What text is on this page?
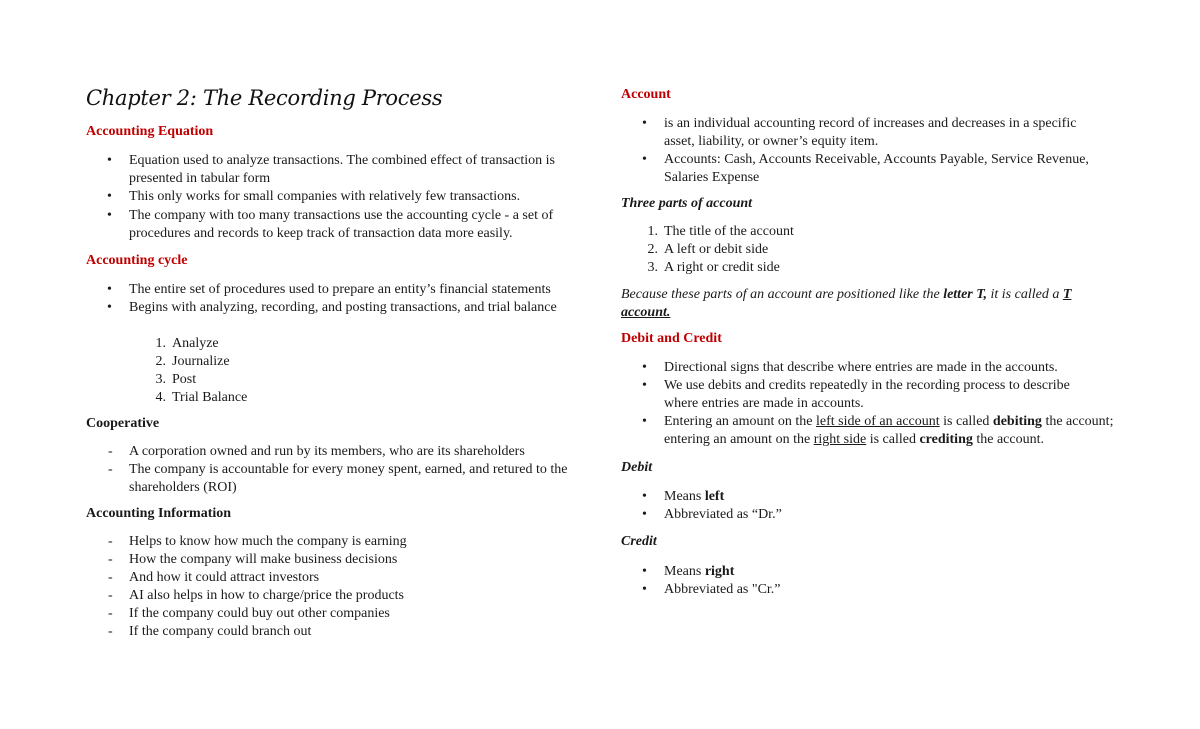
Chapter 2: The Recording Process
Accounting Equation
• Equation used to analyze transactions. The combined effect of transaction is presented in tabular form
• This only works for small companies with relatively few transactions.
• The company with too many transactions use the accounting cycle - a set of procedures and records to keep track of transaction data more easily.
Accounting cycle
• The entire set of procedures used to prepare an entity’s financial statements
• Begins with analyzing, recording, and posting transactions, and trial balance
1. Analyze
2. Journalize
3. Post
4. Trial Balance
Cooperative
- A corporation owned and run by its members, who are its shareholders
- The company is accountable for every money spent, earned, and retured to the shareholders (ROI)
Accounting Information
- Helps to know how much the company is earning
- How the company will make business decisions
- And how it could attract investors
- AI also helps in how to charge/price the products
- If the company could buy out other companies
- If the company could branch out
Account
• is an individual accounting record of increases and decreases in a specific asset, liability, or owner’s equity item.
• Accounts: Cash, Accounts Receivable, Accounts Payable, Service Revenue, Salaries Expense
Three parts of account
1. The title of the account
2. A left or debit side
3. A right or credit side
Because these parts of an account are positioned like the letter T, it is called a T account.
Debit and Credit
• Directional signs that describe where entries are made in the accounts.
• We use debits and credits repeatedly in the recording process to describe where entries are made in accounts.
• Entering an amount on the left side of an account is called debiting the account; entering an amount on the right side is called crediting the account.
Debit
• Means left
• Abbreviated as “Dr.”
Credit
• Means right
• Abbreviated as "Cr.”
